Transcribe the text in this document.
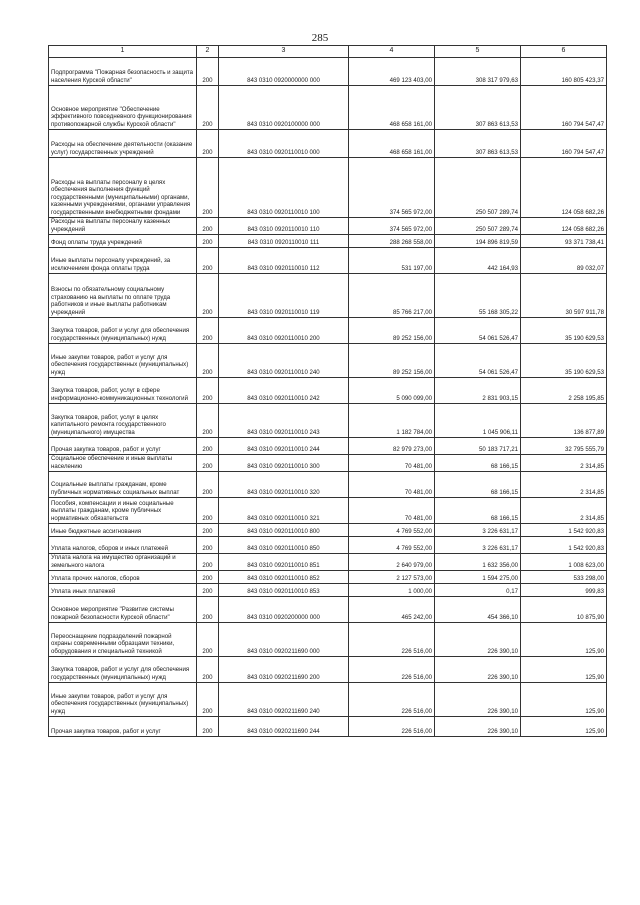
285
1	2	3	4	5	6
Подпрограмма "Пожарная безопасность и защита населения Курской области"	200	843 0310 0920000000 000	469 123 403,00	308 317 979,63	160 805 423,37
Основное мероприятие "Обеспечение эффективного повседневного функционирования противопожарной службы Курской области"	200	843 0310 0920100000 000	468 658 161,00	307 863 613,53	160 794 547,47
Расходы на обеспечение деятельности (оказание услуг) государственных учреждений	200	843 0310 0920110010 000	468 658 161,00	307 863 613,53	160 794 547,47
Расходы на выплаты персоналу в целях обеспечения выполнения функций государственными (муниципальными) органами, казенными учреждениями, органами управления государственными внебюджетными фондами	200	843 0310 0920110010 100	374 565 972,00	250 507 289,74	124 058 682,26
Расходы на выплаты персоналу казенных учреждений	200	843 0310 0920110010 110	374 565 972,00	250 507 289,74	124 058 682,26
Фонд оплаты труда учреждений	200	843 0310 0920110010 111	288 268 558,00	194 896 819,59	93 371 738,41
Иные выплаты персоналу учреждений, за исключением фонда оплаты труда	200	843 0310 0920110010 112	531 197,00	442 164,93	89 032,07
Взносы по обязательному социальному страхованию на выплаты по оплате труда работников и иные выплаты работникам учреждений	200	843 0310 0920110010 119	85 766 217,00	55 168 305,22	30 597 911,78
Закупка товаров, работ и услуг для обеспечения государственных (муниципальных) нужд	200	843 0310 0920110010 200	89 252 156,00	54 061 526,47	35 190 629,53
Иные закупки товаров, работ и услуг для обеспечения государственных (муниципальных) нужд	200	843 0310 0920110010 240	89 252 156,00	54 061 526,47	35 190 629,53
Закупка товаров, работ, услуг в сфере информационно-коммуникационных технологий	200	843 0310 0920110010 242	5 090 099,00	2 831 903,15	2 258 195,85
Закупка товаров, работ, услуг в целях капитального ремонта государственного (муниципального) имущества	200	843 0310 0920110010 243	1 182 784,00	1 045 906,11	136 877,89
Прочая закупка товаров, работ и услуг	200	843 0310 0920110010 244	82 979 273,00	50 183 717,21	32 795 555,79
Социальное обеспечение и иные выплаты населению	200	843 0310 0920110010 300	70 481,00	68 166,15	2 314,85
Социальные выплаты гражданам, кроме публичных нормативных социальных выплат	200	843 0310 0920110010 320	70 481,00	68 166,15	2 314,85
Пособия, компенсации и иные социальные выплаты гражданам, кроме публичных нормативных обязательств	200	843 0310 0920110010 321	70 481,00	68 166,15	2 314,85
Иные бюджетные ассигнования	200	843 0310 0920110010 800	4 769 552,00	3 226 631,17	1 542 920,83
Уплата налогов, сборов и иных платежей	200	843 0310 0920110010 850	4 769 552,00	3 226 631,17	1 542 920,83
Уплата налога на имущество организаций и земельного налога	200	843 0310 0920110010 851	2 640 979,00	1 632 356,00	1 008 623,00
Уплата прочих налогов, сборов	200	843 0310 0920110010 852	2 127 573,00	1 594 275,00	533 298,00
Уплата иных платежей	200	843 0310 0920110010 853	1 000,00	0,17	999,83
Основное мероприятие "Развитие системы пожарной безопасности Курской области"	200	843 0310 0920200000 000	465 242,00	454 366,10	10 875,90
Переоснащение подразделений пожарной охраны современными образцами техники, оборудования и специальной техникой	200	843 0310 0920211690 000	226 516,00	226 390,10	125,90
Закупка товаров, работ и услуг для обеспечения государственных (муниципальных) нужд	200	843 0310 0920211690 200	226 516,00	226 390,10	125,90
Иные закупки товаров, работ и услуг для обеспечения государственных (муниципальных) нужд	200	843 0310 0920211690 240	226 516,00	226 390,10	125,90
Прочая закупка товаров, работ и услуг	200	843 0310 0920211690 244	226 516,00	226 390,10	125,90
